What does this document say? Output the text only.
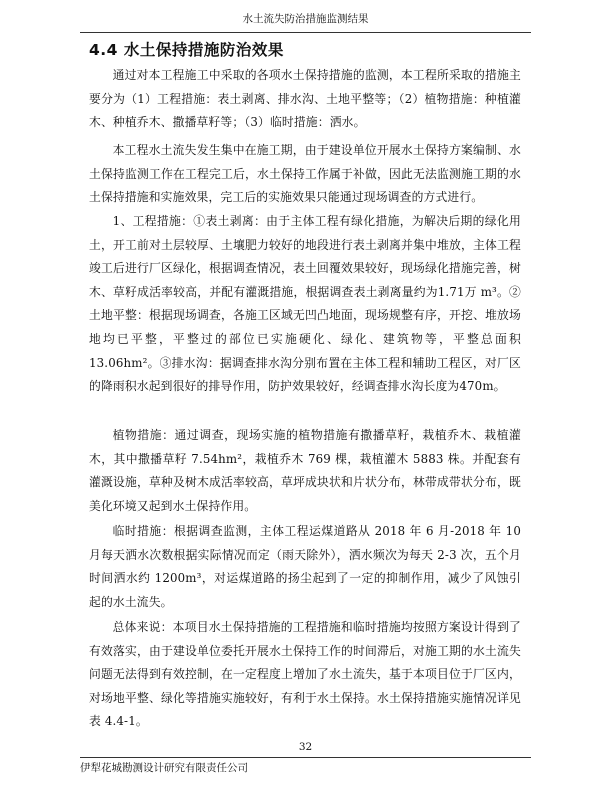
水土流失防治措施监测结果
4.4 水土保持措施防治效果

通过对本工程施工中采取的各项水土保持措施的监测，本工程所采取的措施主要分为（1）工程措施：表土剥离、排水沟、土地平整等；（2）植物措施：种植灌木、种植乔木、撒播草籽等；（3）临时措施：洒水。

本工程水土流失发生集中在施工期，由于建设单位开展水土保持方案编制、水土保持监测工作在工程完工后，水土保持工作属于补做，因此无法监测施工期的水土保持措施和实施效果，完工后的实施效果只能通过现场调查的方式进行。

1、工程措施：①表土剥离：由于主体工程有绿化措施，为解决后期的绿化用土，开工前对土层较厚、土壤肥力较好的地段进行表土剥离并集中堆放，主体工程竣工后进行厂区绿化，根据调查情况，表土回覆效果较好，现场绿化措施完善，树木、草籽成活率较高，并配有灌溉措施，根据调查表土剥离量约为1.71万 m³。②土地平整：根据现场调查，各施工区域无凹凸地面，现场规整有序，开挖、堆放场地均已平整，平整过的部位已实施硬化、绿化、建筑物等，平整总面积 13.06hm²。③排水沟：据调查排水沟分别布置在主体工程和辅助工程区，对厂区的降雨积水起到很好的排导作用，防护效果较好，经调查排水沟长度为470m。

植物措施：通过调查，现场实施的植物措施有撒播草籽，栽植乔木、栽植灌木，其中撒播草籽 7.54hm²，栽植乔木 769 棵，栽植灌木 5883 株。并配套有灌溉设施，草种及树木成活率较高，草坪成块状和片状分布，林带成带状分布，既美化环境又起到水土保持作用。

临时措施：根据调查监测，主体工程运煤道路从 2018 年 6 月-2018 年 10 月每天洒水次数根据实际情况而定（雨天除外），洒水频次为每天 2-3 次，五个月时间洒水约 1200m³，对运煤道路的扬尘起到了一定的抑制作用，减少了风蚀引起的水土流失。

总体来说：本项目水土保持措施的工程措施和临时措施均按照方案设计得到了有效落实，由于建设单位委托开展水土保持工作的时间滞后，对施工期的水土流失问题无法得到有效控制，在一定程度上增加了水土流失，基于本项目位于厂区内，对场地平整、绿化等措施实施较好，有利于水土保持。水土保持措施实施情况详见表 4.4-1。

32
伊犁花城勘测设计研究有限责任公司
